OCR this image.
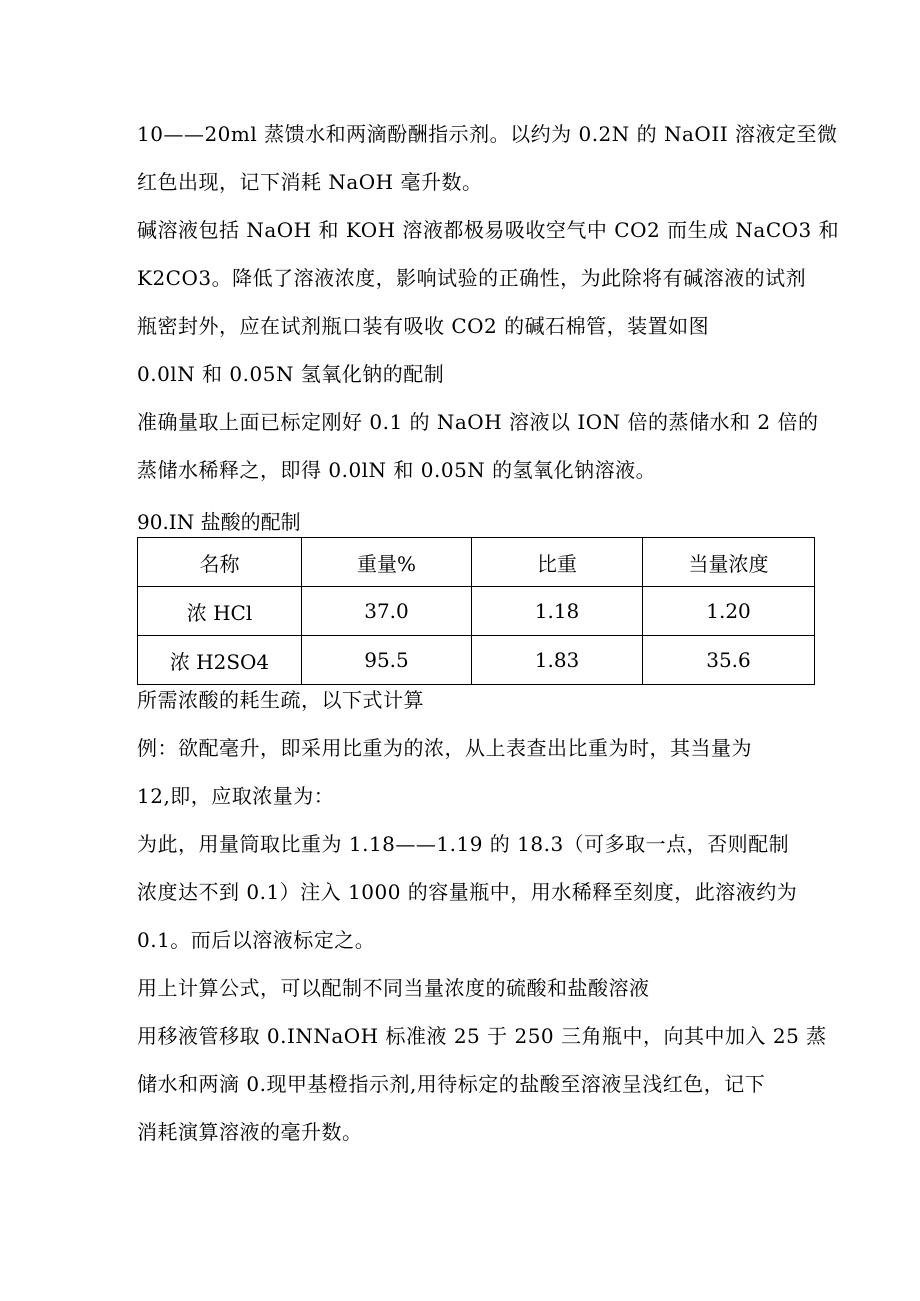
10——20ml 蒸馈水和两滴酚酬指示剂。以约为 0.2N 的 NaOII 溶液定至微
红色出现，记下消耗 NaOH 毫升数。
碱溶液包括 NaOH 和 KOH 溶液都极易吸收空气中 CO2 而生成 NaCO3 和
K2CO3。降低了溶液浓度，影响试验的正确性，为此除将有碱溶液的试剂
瓶密封外，应在试剂瓶口装有吸收 CO2 的碱石棉管，装置如图
0.0lN 和 0.05N 氢氧化钠的配制
准确量取上面已标定刚好 0.1 的 NaOH 溶液以 ION 倍的蒸储水和 2 倍的
蒸储水稀释之，即得 0.0lN 和 0.05N 的氢氧化钠溶液。
90.IN 盐酸的配制
名称	重量%	比重	当量浓度
浓 HCl	37.0	1.18	1.20
浓 H2SO4	95.5	1.83	35.6
所需浓酸的耗生疏，以下式计算
例：欲配毫升，即采用比重为的浓，从上表查出比重为时，其当量为
12,即，应取浓量为：
为此，用量筒取比重为 1.18——1.19 的 18.3（可多取一点，否则配制
浓度达不到 0.1）注入 1000 的容量瓶中，用水稀释至刻度，此溶液约为
0.1。而后以溶液标定之。
用上计算公式，可以配制不同当量浓度的硫酸和盐酸溶液
用移液管移取 0.INNaOH 标准液 25 于 250 三角瓶中，向其中加入 25 蒸
储水和两滴 0.现甲基橙指示剂,用待标定的盐酸至溶液呈浅红色，记下
消耗演算溶液的毫升数。
